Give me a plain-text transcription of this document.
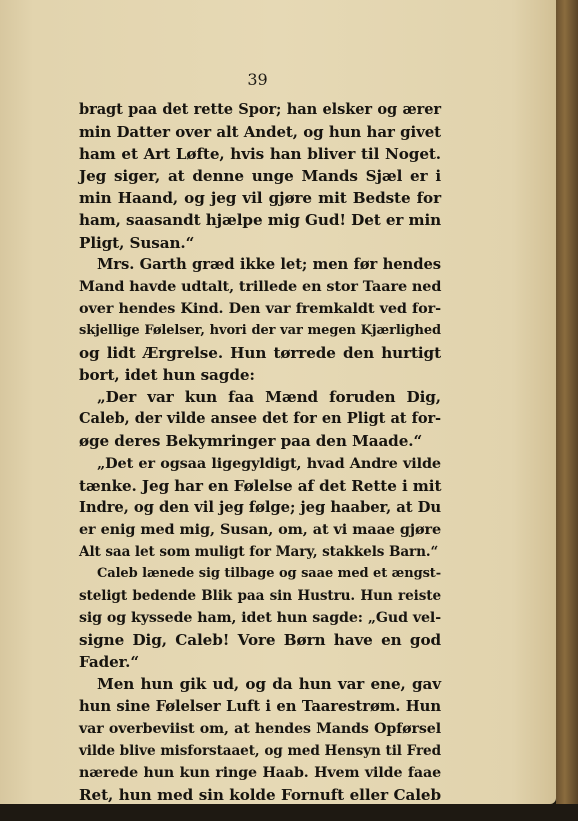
39
bragt paa det rette Spor; han elsker og ærer
min Datter over alt Andet, og hun har givet
ham et Art Løfte, hvis han bliver til Noget.
Jeg siger, at denne unge Mands Sjæl er i
min Haand, og jeg vil gjøre mit Bedste for
ham, saasandt hjælpe mig Gud! Det er min
Pligt, Susan.“
Mrs. Garth græd ikke let; men før hendes
Mand havde udtalt, trillede en stor Taare ned
over hendes Kind. Den var fremkaldt ved for-
skjellige Følelser, hvori der var megen Kjærlighed
og lidt Ærgrelse. Hun tørrede den hurtigt
bort, idet hun sagde:
„Der var kun faa Mænd foruden Dig,
Caleb, der vilde ansee det for en Pligt at for-
øge deres Bekymringer paa den Maade.“
„Det er ogsaa ligegyldigt, hvad Andre vilde
tænke. Jeg har en Følelse af det Rette i mit
Indre, og den vil jeg følge; jeg haaber, at Du
er enig med mig, Susan, om, at vi maae gjøre
Alt saa let som muligt for Mary, stakkels Barn.“
Caleb lænede sig tilbage og saae med et ængst-
steligt bedende Blik paa sin Hustru. Hun reiste
sig og kyssede ham, idet hun sagde: „Gud vel-
signe Dig, Caleb! Vore Børn have en god
Fader.“
Men hun gik ud, og da hun var ene, gav
hun sine Følelser Luft i en Taarestrøm. Hun
var overbeviist om, at hendes Mands Opførsel
vilde blive misforstaaet, og med Hensyn til Fred
nærede hun kun ringe Haab. Hvem vilde faae
Ret, hun med sin kolde Fornuft eller Caleb
